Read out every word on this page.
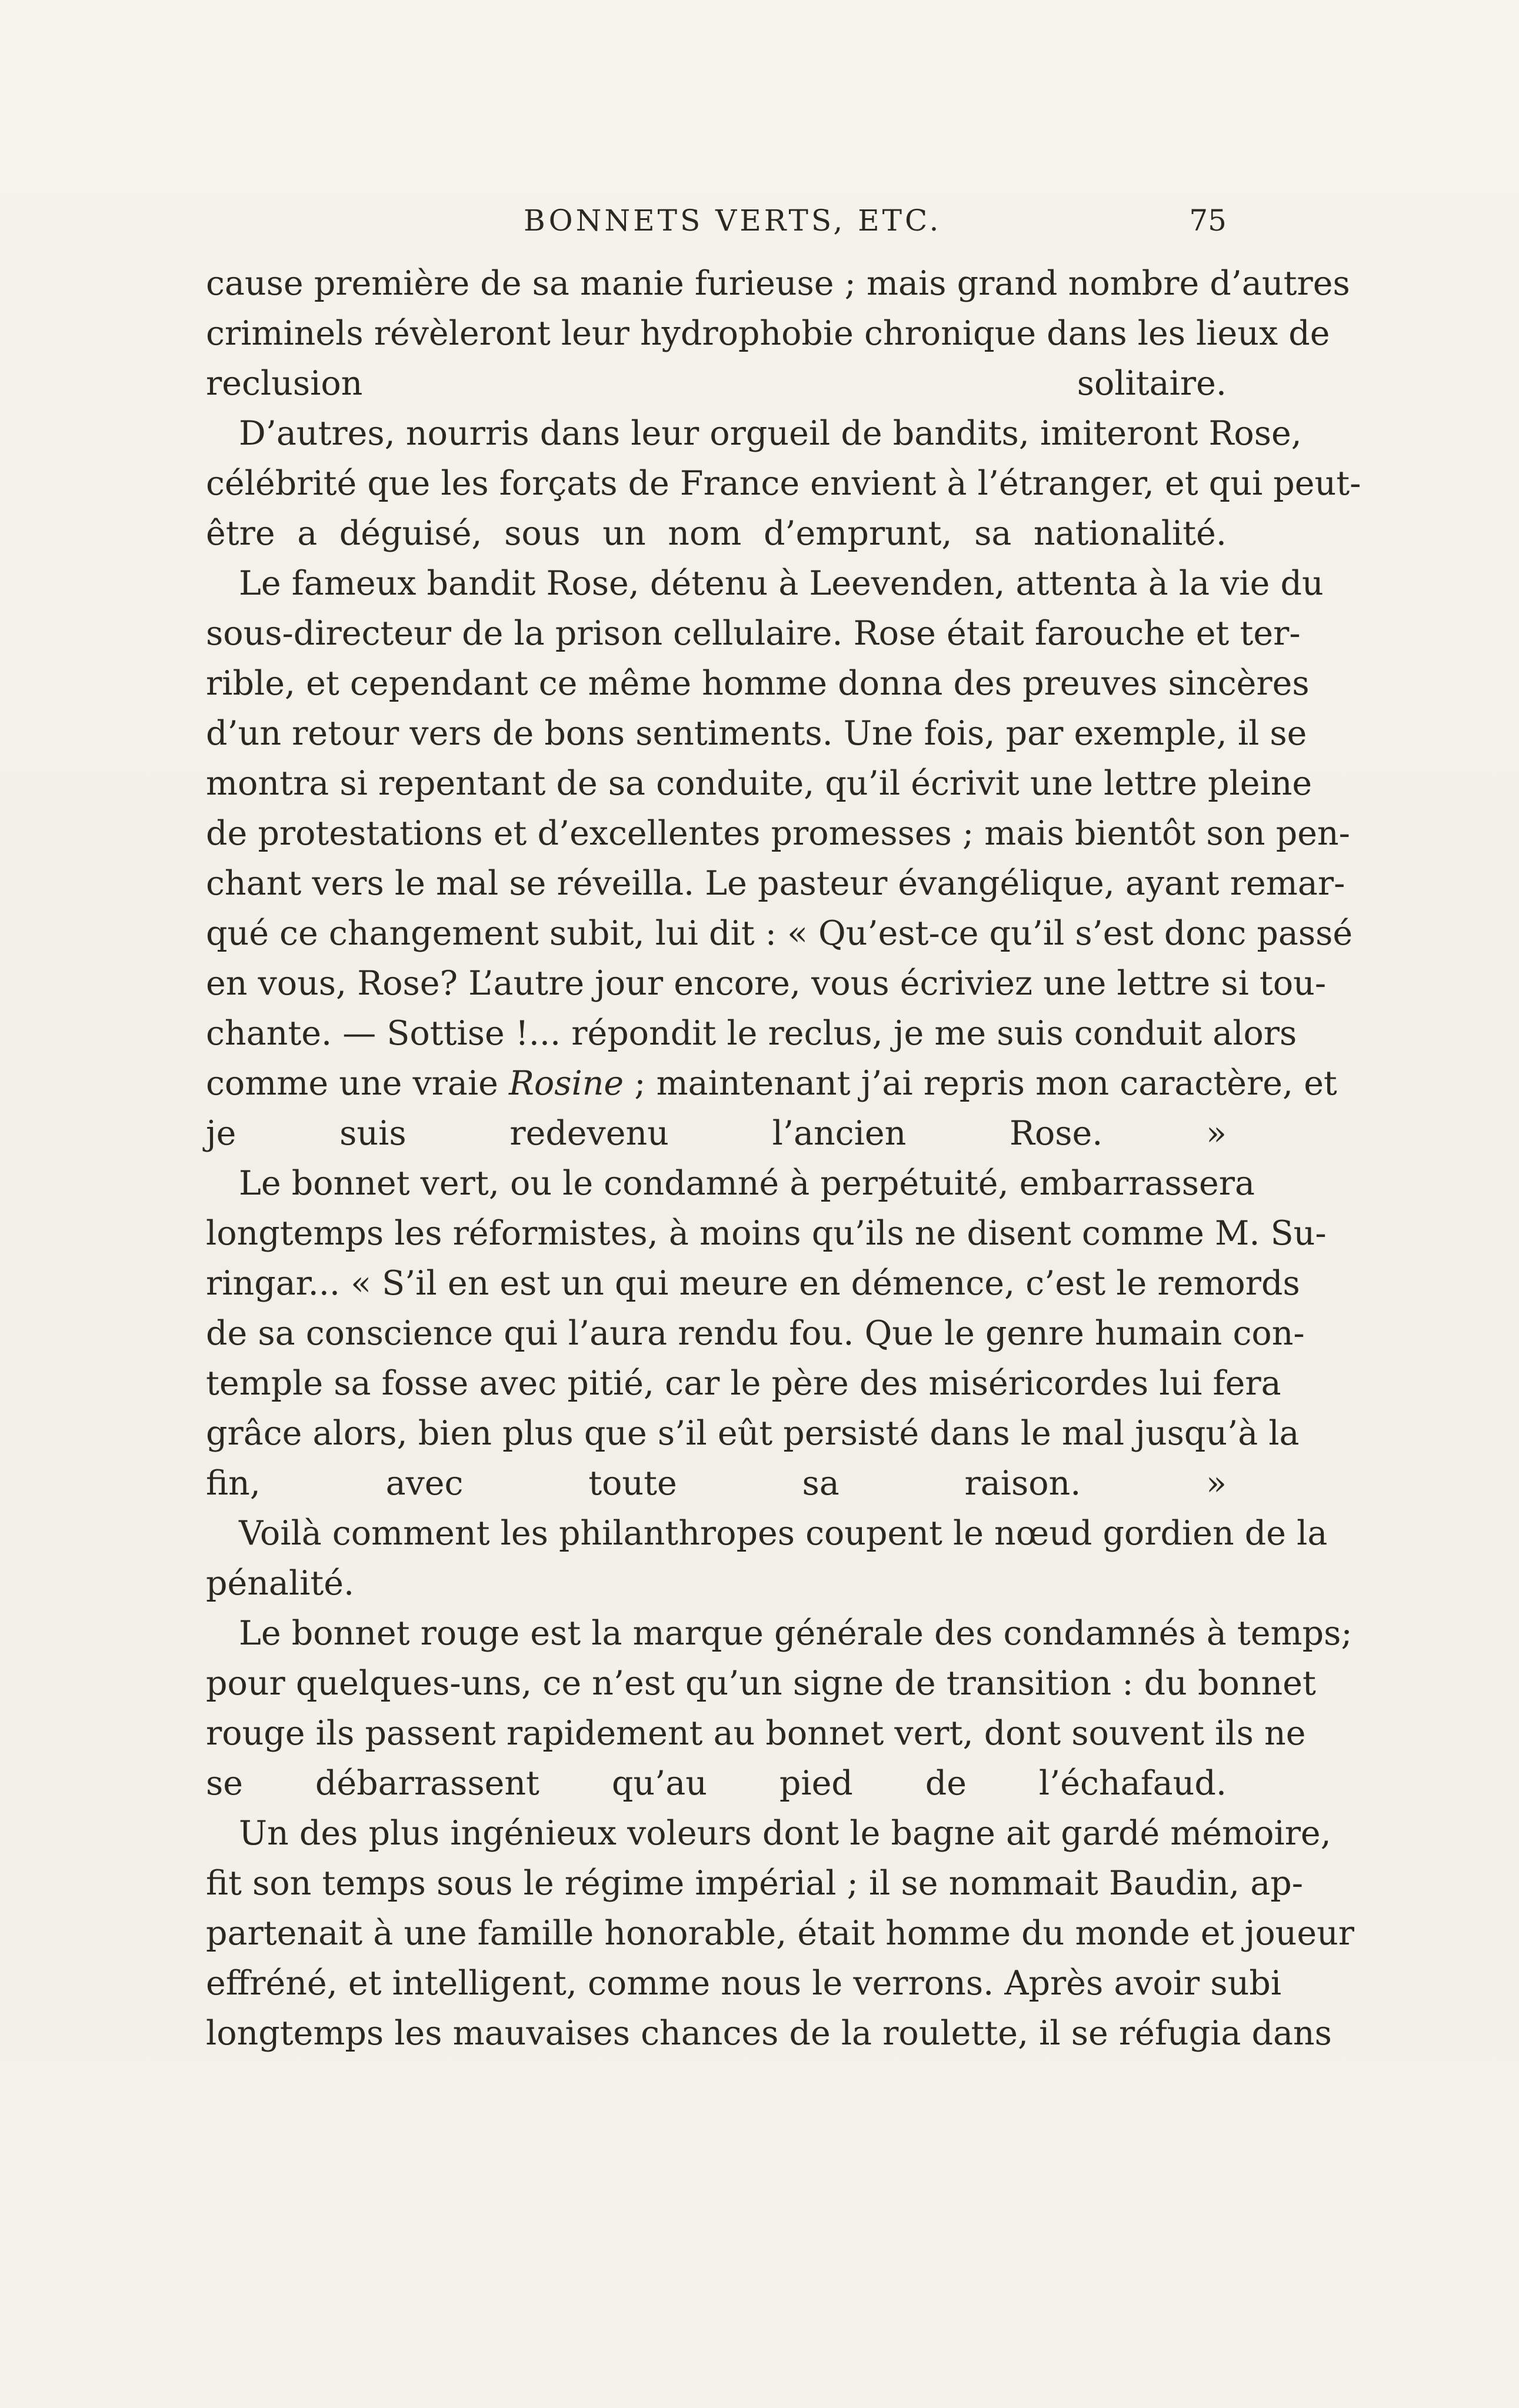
BONNETS VERTS, ETC.	75

cause première de sa manie furieuse ; mais grand nombre d’autres
criminels révèleront leur hydrophobie chronique dans les lieux de
reclusion solitaire.

D’autres, nourris dans leur orgueil de bandits, imiteront Rose,
célébrité que les forçats de France envient à l’étranger, et qui peut-
être a déguisé, sous un nom d’emprunt, sa nationalité.

Le fameux bandit Rose, détenu à Leevenden, attenta à la vie du
sous-directeur de la prison cellulaire. Rose était farouche et ter-
rible, et cependant ce même homme donna des preuves sincères
d’un retour vers de bons sentiments. Une fois, par exemple, il se
montra si repentant de sa conduite, qu’il écrivit une lettre pleine
de protestations et d’excellentes promesses ; mais bientôt son pen-
chant vers le mal se réveilla. Le pasteur évangélique, ayant remar-
qué ce changement subit, lui dit : « Qu’est-ce qu’il s’est donc passé
en vous, Rose? L’autre jour encore, vous écriviez une lettre si tou-
chante. — Sottise !... répondit le reclus, je me suis conduit alors
comme une vraie Rosine ; maintenant j’ai repris mon caractère, et
je suis redevenu l’ancien Rose. »

Le bonnet vert, ou le condamné à perpétuité, embarrassera
longtemps les réformistes, à moins qu’ils ne disent comme M. Su-
ringar... « S’il en est un qui meure en démence, c’est le remords
de sa conscience qui l’aura rendu fou. Que le genre humain con-
temple sa fosse avec pitié, car le père des miséricordes lui fera
grâce alors, bien plus que s’il eût persisté dans le mal jusqu’à la
fin, avec toute sa raison. »

Voilà comment les philanthropes coupent le nœud gordien de la
pénalité.

Le bonnet rouge est la marque générale des condamnés à temps;
pour quelques-uns, ce n’est qu’un signe de transition : du bonnet
rouge ils passent rapidement au bonnet vert, dont souvent ils ne
se débarrassent qu’au pied de l’échafaud.

Un des plus ingénieux voleurs dont le bagne ait gardé mémoire,
fit son temps sous le régime impérial ; il se nommait Baudin, ap-
partenait à une famille honorable, était homme du monde et joueur
effréné, et intelligent, comme nous le verrons. Après avoir subi
longtemps les mauvaises chances de la roulette, il se réfugia dans
